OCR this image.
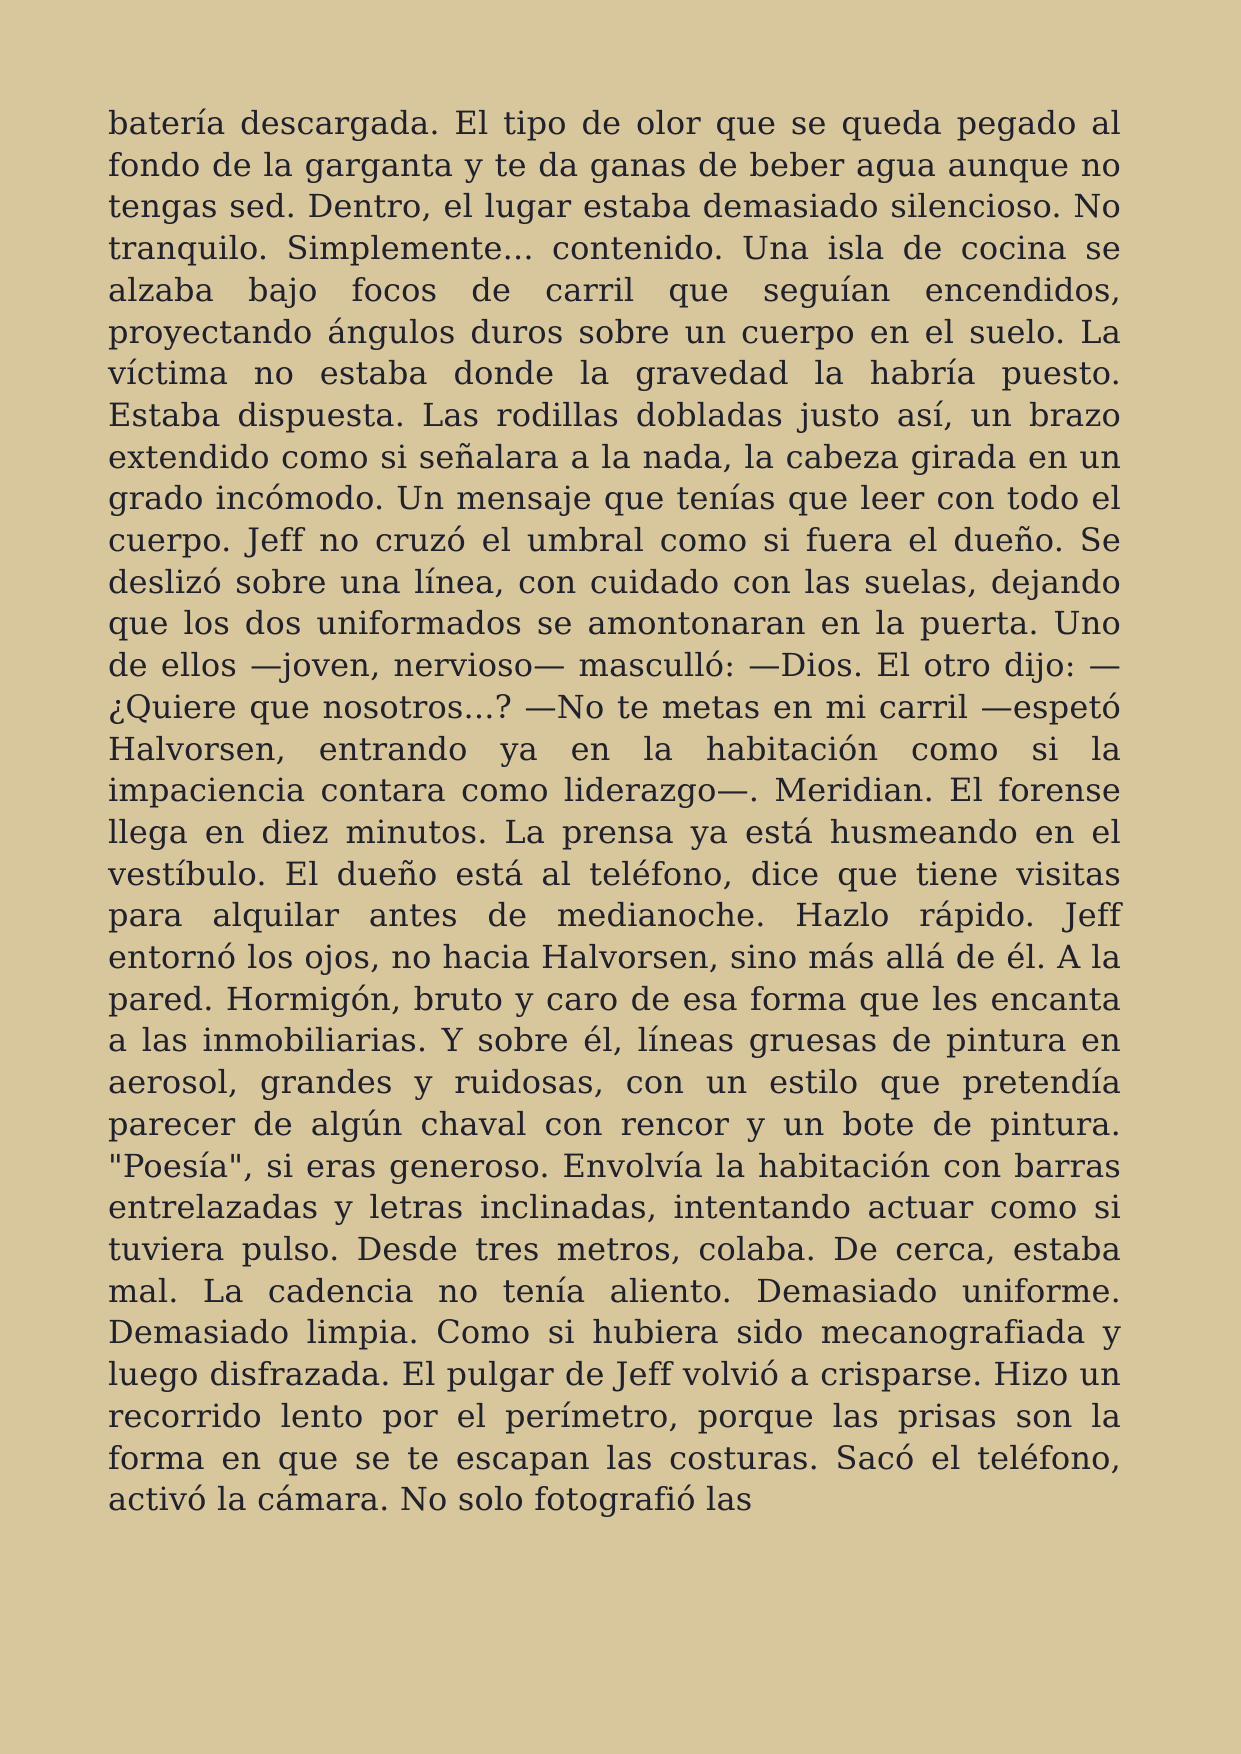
batería descargada. El tipo de olor que se queda pegado al fondo de la garganta y te da ganas de beber agua aunque no tengas sed. Dentro, el lugar estaba demasiado silencioso. No tranquilo. Simplemente... contenido. Una isla de cocina se alzaba bajo focos de carril que seguían encendidos, proyectando ángulos duros sobre un cuerpo en el suelo. La víctima no estaba donde la gravedad la habría puesto. Estaba dispuesta. Las rodillas dobladas justo así, un brazo extendido como si señalara a la nada, la cabeza girada en un grado incómodo. Un mensaje que tenías que leer con todo el cuerpo. Jeff no cruzó el umbral como si fuera el dueño. Se deslizó sobre una línea, con cuidado con las suelas, dejando que los dos uniformados se amontonaran en la puerta. Uno de ellos —joven, nervioso— masculló: —Dios. El otro dijo: —¿Quiere que nosotros...? —No te metas en mi carril —espetó Halvorsen, entrando ya en la habitación como si la impaciencia contara como liderazgo—. Meridian. El forense llega en diez minutos. La prensa ya está husmeando en el vestíbulo. El dueño está al teléfono, dice que tiene visitas para alquilar antes de medianoche. Hazlo rápido. Jeff entornó los ojos, no hacia Halvorsen, sino más allá de él. A la pared. Hormigón, bruto y caro de esa forma que les encanta a las inmobiliarias. Y sobre él, líneas gruesas de pintura en aerosol, grandes y ruidosas, con un estilo que pretendía parecer de algún chaval con rencor y un bote de pintura. "Poesía", si eras generoso. Envolvía la habitación con barras entrelazadas y letras inclinadas, intentando actuar como si tuviera pulso. Desde tres metros, colaba. De cerca, estaba mal. La cadencia no tenía aliento. Demasiado uniforme. Demasiado limpia. Como si hubiera sido mecanografiada y luego disfrazada. El pulgar de Jeff volvió a crisparse. Hizo un recorrido lento por el perímetro, porque las prisas son la forma en que se te escapan las costuras. Sacó el teléfono, activó la cámara. No solo fotografió las
